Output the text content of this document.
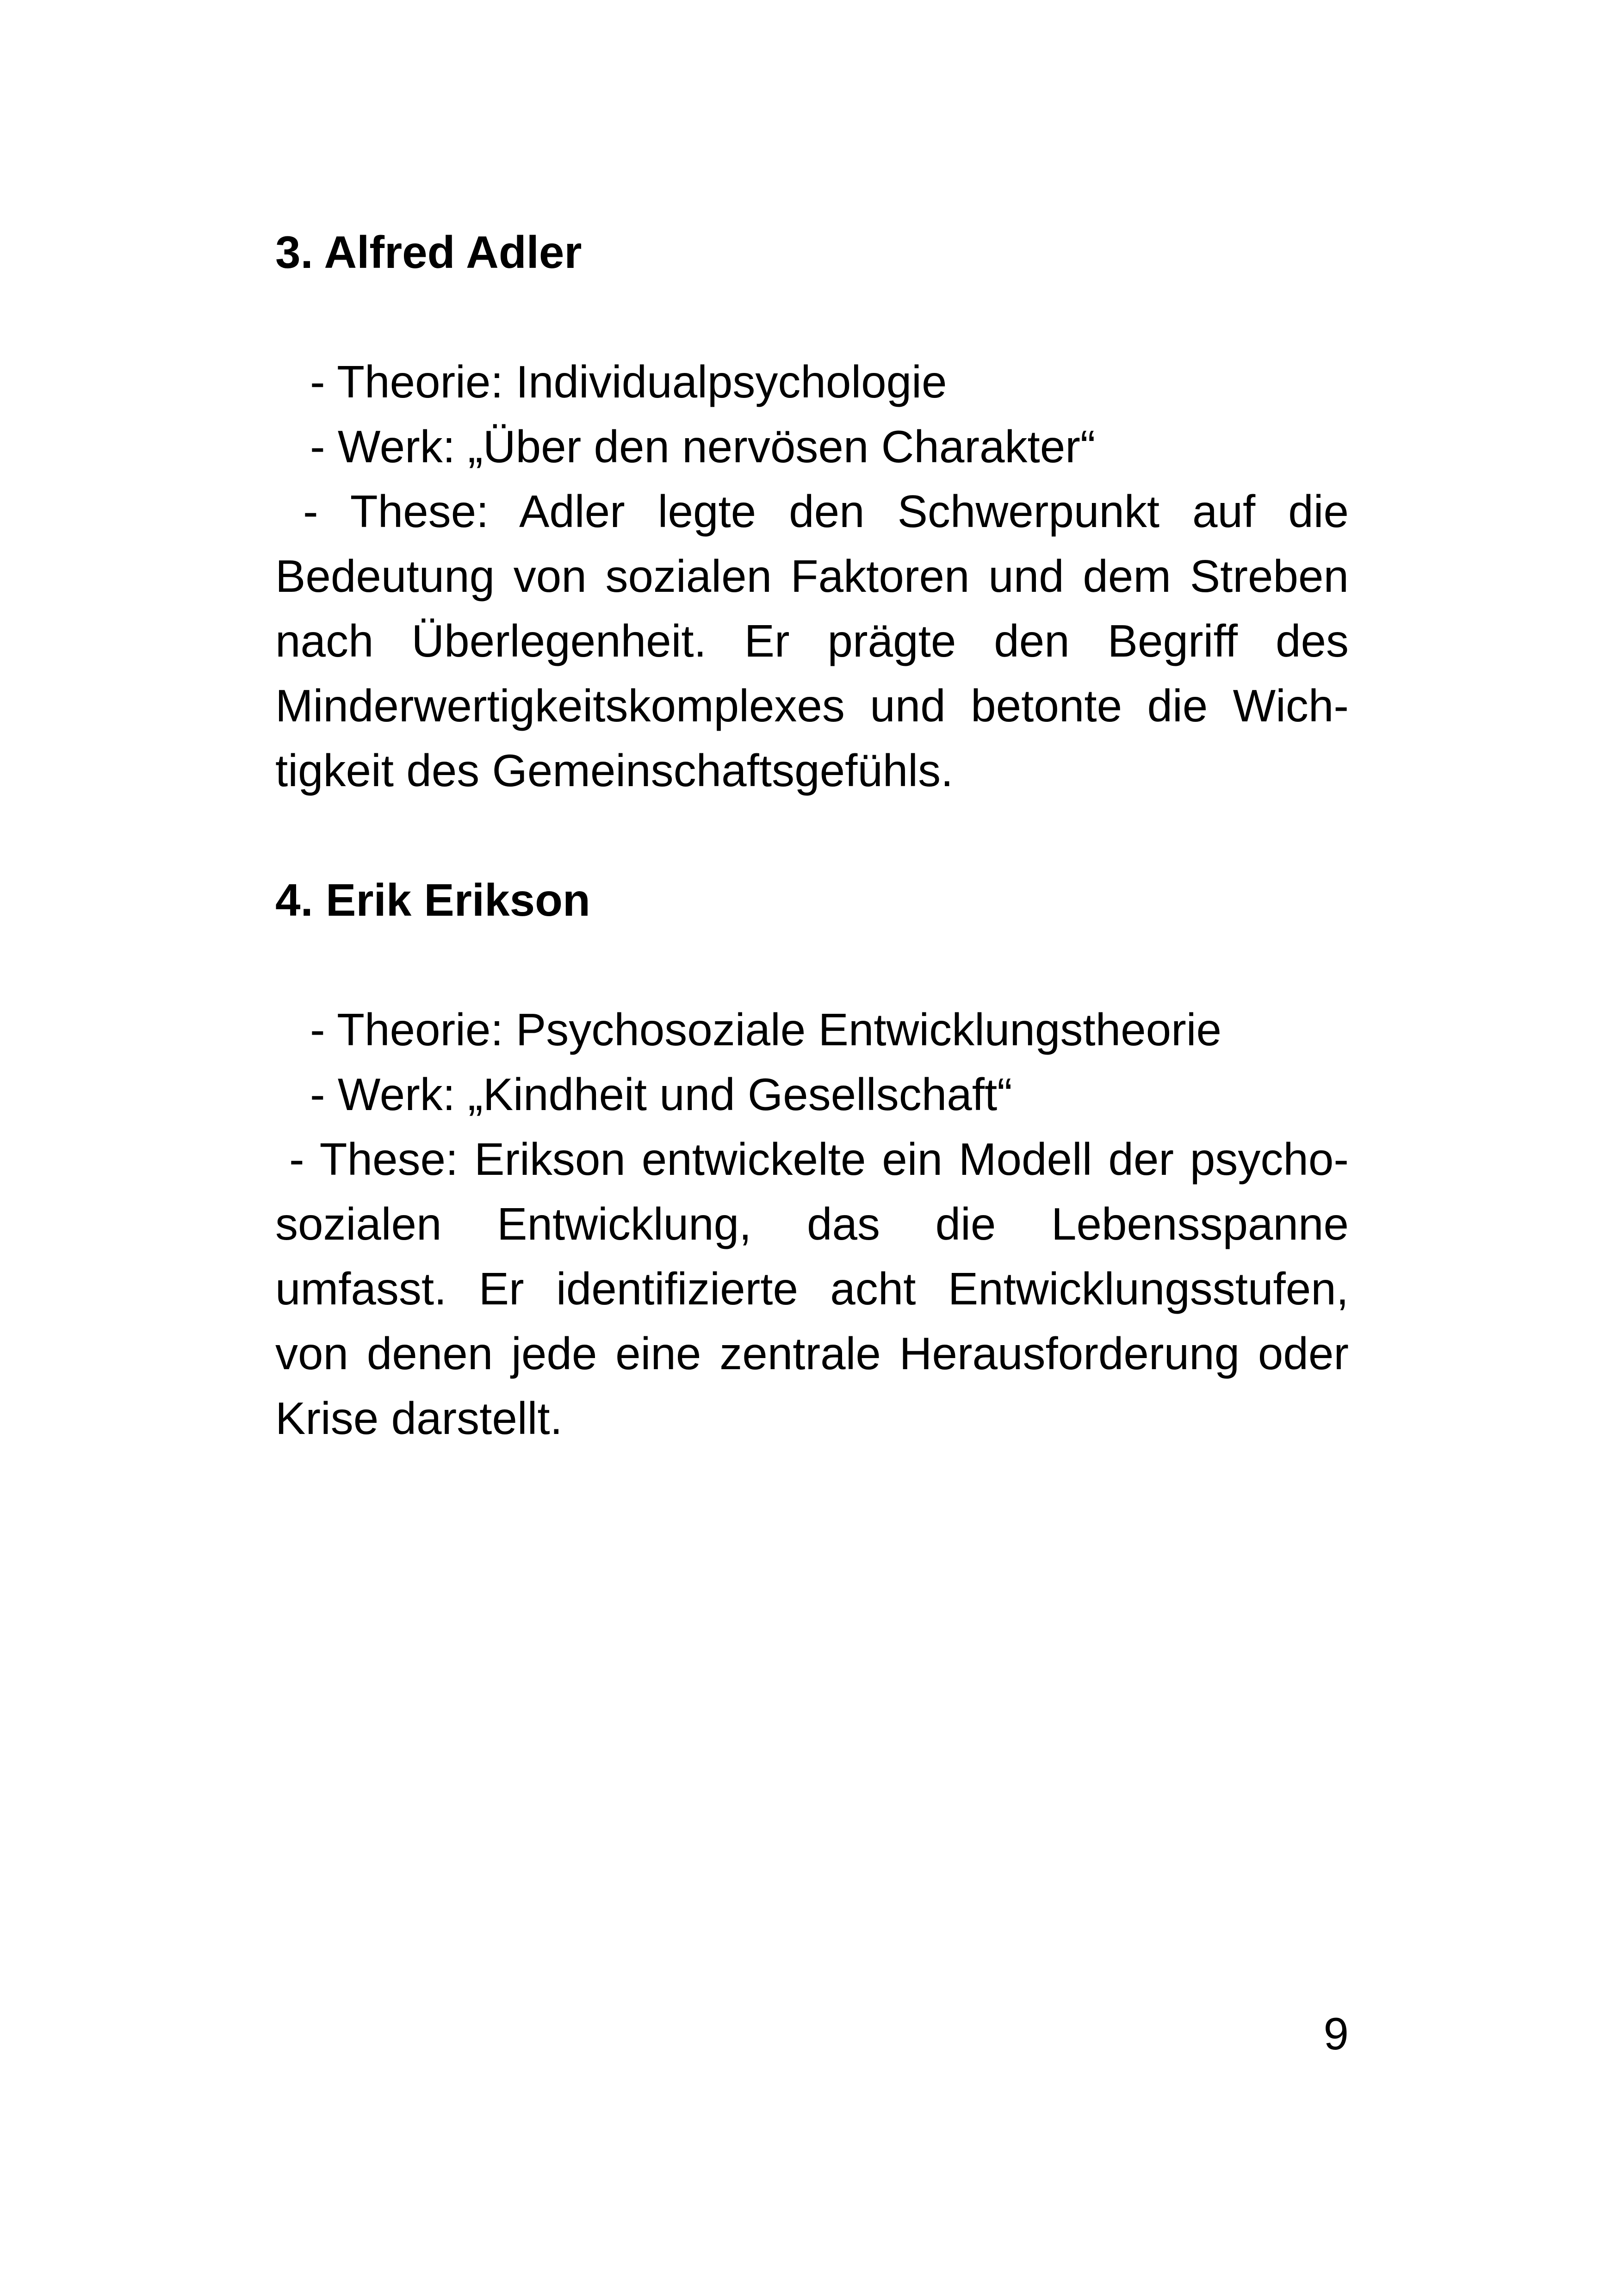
3. Alfred Adler
- Theorie: Individualpsychologie
- Werk: „Über den nervösen Charakter“
- These: Adler legte den Schwerpunkt auf die Bedeutung von sozialen Faktoren und dem Streben nach Überlegenheit. Er prägte den Begriff des Minderwertigkeitskomplexes und betonte die Wichtigkeit des Gemeinschaftsgefühls.
4. Erik Erikson
- Theorie: Psychosoziale Entwicklungstheorie
- Werk: „Kindheit und Gesellschaft“
- These: Erikson entwickelte ein Modell der psychosozialen Entwicklung, das die Lebensspanne umfasst. Er identifizierte acht Entwicklungsstufen, von denen jede eine zentrale Herausforderung oder Krise darstellt.
9
